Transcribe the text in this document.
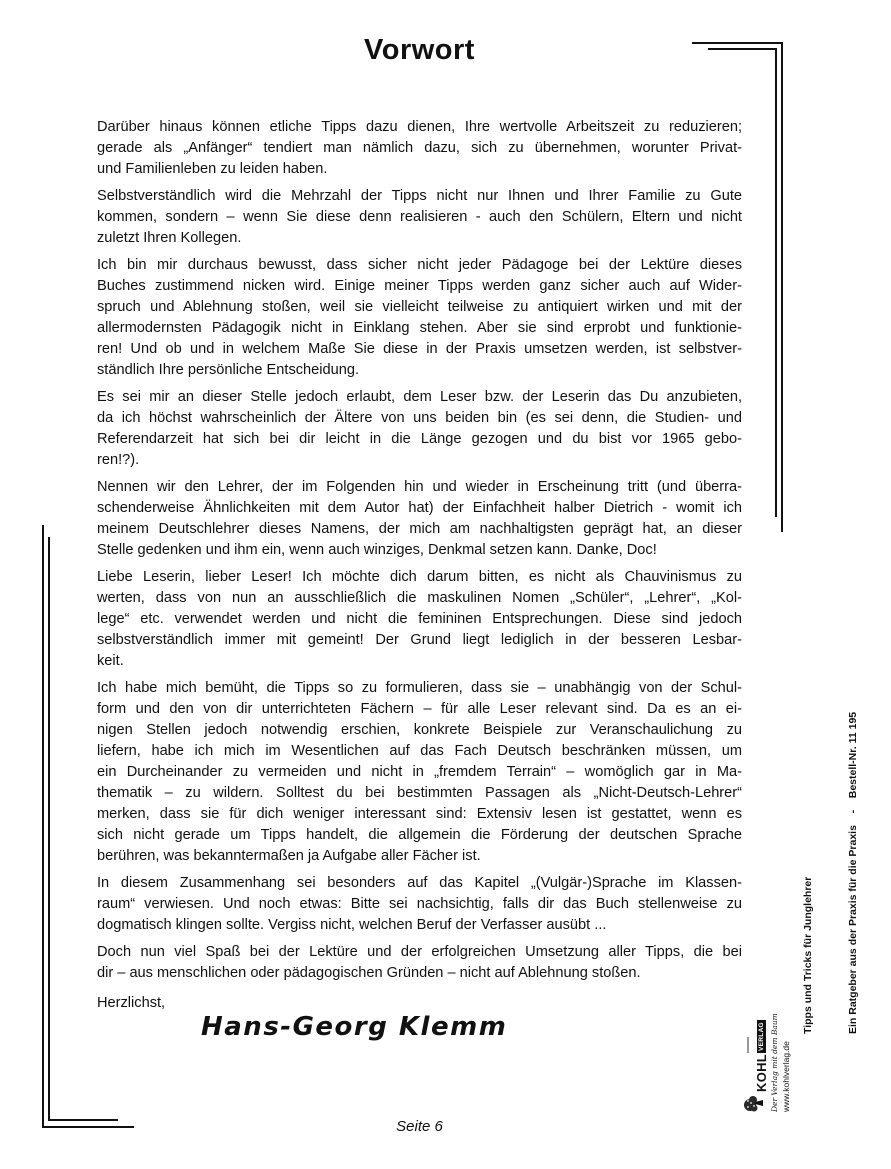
Vorwort
Darüber hinaus können etliche Tipps dazu dienen, Ihre wertvolle Arbeitszeit zu reduzieren;
gerade als „Anfänger“ tendiert man nämlich dazu, sich zu übernehmen, worunter Privat-
und Familienleben zu leiden haben.
Selbstverständlich wird die Mehrzahl der Tipps nicht nur Ihnen und Ihrer Familie zu Gute
kommen, sondern – wenn Sie diese denn realisieren - auch den Schülern, Eltern und nicht
zuletzt Ihren Kollegen.
Ich bin mir durchaus bewusst, dass sicher nicht jeder Pädagoge bei der Lektüre dieses
Buches zustimmend nicken wird. Einige meiner Tipps werden ganz sicher auch auf Wider-
spruch und Ablehnung stoßen, weil sie vielleicht teilweise zu antiquiert wirken und mit der
allermodernsten Pädagogik nicht in Einklang stehen. Aber sie sind erprobt und funktionie-
ren! Und ob und in welchem Maße Sie diese in der Praxis umsetzen werden, ist selbstver-
ständlich Ihre persönliche Entscheidung.
Es sei mir an dieser Stelle jedoch erlaubt, dem Leser bzw. der Leserin das Du anzubieten,
da ich höchst wahrscheinlich der Ältere von uns beiden bin (es sei denn, die Studien- und
Referendarzeit hat sich bei dir leicht in die Länge gezogen und du bist vor 1965 gebo-
ren!?).
Nennen wir den Lehrer, der im Folgenden hin und wieder in Erscheinung tritt (und überra-
schenderweise Ähnlichkeiten mit dem Autor hat) der Einfachheit halber Dietrich - womit ich
meinem Deutschlehrer dieses Namens, der mich am nachhaltigsten geprägt hat, an dieser
Stelle gedenken und ihm ein, wenn auch winziges, Denkmal setzen kann. Danke, Doc!
Liebe Leserin, lieber Leser! Ich möchte dich darum bitten, es nicht als Chauvinismus zu
werten, dass von nun an ausschließlich die maskulinen Nomen „Schüler“, „Lehrer“, „Kol-
lege“ etc. verwendet werden und nicht die femininen Entsprechungen. Diese sind jedoch
selbstverständlich immer mit gemeint! Der Grund liegt lediglich in der besseren Lesbar-
keit.
Ich habe mich bemüht, die Tipps so zu formulieren, dass sie – unabhängig von der Schul-
form und den von dir unterrichteten Fächern – für alle Leser relevant sind. Da es an ei-
nigen Stellen jedoch notwendig erschien, konkrete Beispiele zur Veranschaulichung zu
liefern, habe ich mich im Wesentlichen auf das Fach Deutsch beschränken müssen, um
ein Durcheinander zu vermeiden und nicht in „fremdem Terrain“ – womöglich gar in Ma-
thematik – zu wildern. Solltest du bei bestimmten Passagen als „Nicht-Deutsch-Lehrer“
merken, dass sie für dich weniger interessant sind: Extensiv lesen ist gestattet, wenn es
sich nicht gerade um Tipps handelt, die allgemein die Förderung der deutschen Sprache
berühren, was bekanntermaßen ja Aufgabe aller Fächer ist.
In diesem Zusammenhang sei besonders auf das Kapitel „(Vulgär-)Sprache im Klassen-
raum“ verwiesen. Und noch etwas: Bitte sei nachsichtig, falls dir das Buch stellenweise zu
dogmatisch klingen sollte. Vergiss nicht, welchen Beruf der Verfasser ausübt ...
Doch nun viel Spaß bei der Lektüre und der erfolgreichen Umsetzung aller Tipps, die bei
dir – aus menschlichen oder pädagogischen Gründen – nicht auf Ablehnung stoßen.
Herzlichst,
Hans-Georg Klemm

	Tipps und Tricks für Junglehrer

	Ein Ratgeber aus der Praxis für die Praxis    -    Bestell-Nr. 11 195

KOHL
VERLAG Der Verlag mit dem Baum www.kohlverlag.de
Seite 6
